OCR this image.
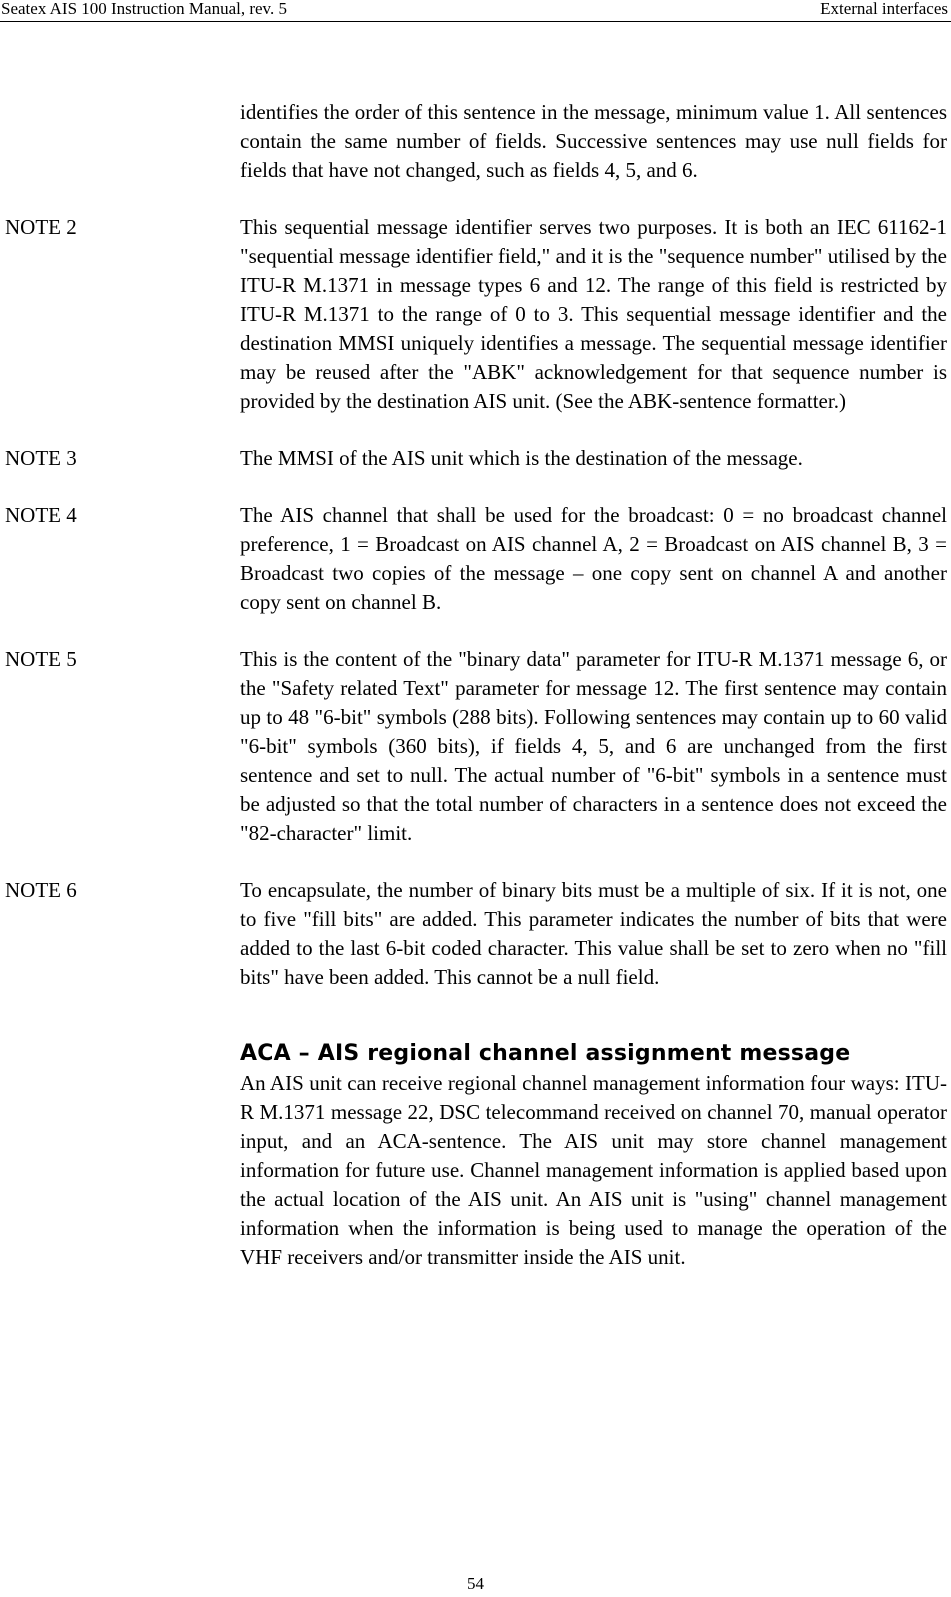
Seatex AIS 100 Instruction Manual, rev. 5	External interfaces
identifies the order of this sentence in the message, minimum value 1. All sentences contain the same number of fields. Successive sentences may use null fields for fields that have not changed, such as fields 4, 5, and 6.
NOTE 2	This sequential message identifier serves two purposes. It is both an IEC 61162-1 "sequential message identifier field," and it is the "sequence number" utilised by the ITU-R M.1371 in message types 6 and 12. The range of this field is restricted by ITU-R M.1371 to the range of 0 to 3. This sequential message identifier and the destination MMSI uniquely identifies a message. The sequential message identifier may be reused after the "ABK" acknowledgement for that sequence number is provided by the destination AIS unit. (See the ABK-sentence formatter.)
NOTE 3	The MMSI of the AIS unit which is the destination of the message.
NOTE 4	The AIS channel that shall be used for the broadcast: 0 = no broadcast channel preference, 1 = Broadcast on AIS channel A, 2 = Broadcast on AIS channel B, 3 = Broadcast two copies of the message – one copy sent on channel A and another copy sent on channel B.
NOTE 5	This is the content of the "binary data" parameter for ITU-R M.1371 message 6, or the "Safety related Text" parameter for message 12. The first sentence may contain up to 48 "6-bit" symbols (288 bits). Following sentences may contain up to 60 valid "6-bit" symbols (360 bits), if fields 4, 5, and 6 are unchanged from the first sentence and set to null. The actual number of "6-bit" symbols in a sentence must be adjusted so that the total number of characters in a sentence does not exceed the "82-character" limit.
NOTE 6	To encapsulate, the number of binary bits must be a multiple of six. If it is not, one to five "fill bits" are added. This parameter indicates the number of bits that were added to the last 6-bit coded character. This value shall be set to zero when no "fill bits" have been added. This cannot be a null field.
ACA – AIS regional channel assignment message
An AIS unit can receive regional channel management information four ways: ITU-R M.1371 message 22, DSC telecommand received on channel 70, manual operator input, and an ACA-sentence. The AIS unit may store channel management information for future use. Channel management information is applied based upon the actual location of the AIS unit. An AIS unit is "using" channel management information when the information is being used to manage the operation of the VHF receivers and/or transmitter inside the AIS unit.
54
